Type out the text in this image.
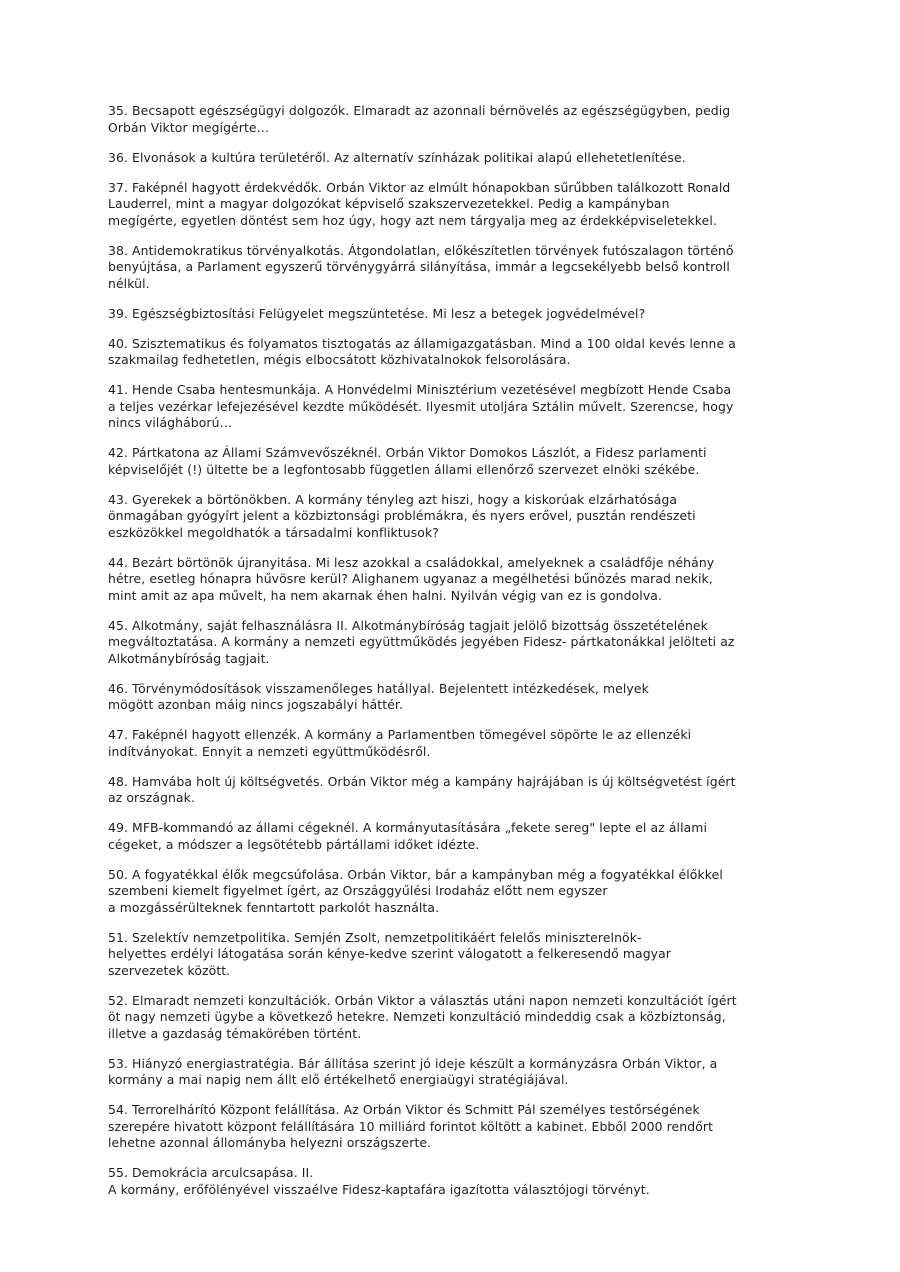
35. Becsapott egészségügyi dolgozók. Elmaradt az azonnali bérnövelés az egészségügyben, pedig
Orbán Viktor megígérte…

36. Elvonások a kultúra területéről. Az alternatív színházak politikai alapú ellehetetlenítése.

37. Faképnél hagyott érdekvédők. Orbán Viktor az elmúlt hónapokban sűrűbben találkozott Ronald
Lauderrel, mint a magyar dolgozókat képviselő szakszervezetekkel. Pedig a kampányban
megígérte, egyetlen döntést sem hoz úgy, hogy azt nem tárgyalja meg az érdekképviseletekkel.

38. Antidemokratikus törvényalkotás. Átgondolatlan, előkészítetlen törvények futószalagon történő
benyújtása, a Parlament egyszerű törvénygyárrá silányítása, immár a legcsekélyebb belső kontroll
nélkül.

39. Egészségbiztosítási Felügyelet megszüntetése. Mi lesz a betegek jogvédelmével?

40. Szisztematikus és folyamatos tisztogatás az államigazgatásban. Mind a 100 oldal kevés lenne a
szakmailag fedhetetlen, mégis elbocsátott közhivatalnokok felsorolására.

41. Hende Csaba hentesmunkája. A Honvédelmi Minisztérium vezetésével megbízott Hende Csaba
a teljes vezérkar lefejezésével kezdte működését. Ilyesmit utoljára Sztálin művelt. Szerencse, hogy
nincs világháború…

42. Pártkatona az Állami Számvevőszéknél. Orbán Viktor Domokos Lászlót, a Fidesz parlamenti
képviselőjét (!) ültette be a legfontosabb független állami ellenőrző szervezet elnöki székébe.

43. Gyerekek a börtönökben. A kormány tényleg azt hiszi, hogy a kiskorúak elzárhatósága
önmagában gyógyírt jelent a közbiztonsági problémákra, és nyers erővel, pusztán rendészeti
eszközökkel megoldhatók a társadalmi konfliktusok?

44. Bezárt börtönök újranyitása. Mi lesz azokkal a családokkal, amelyeknek a családfője néhány
hétre, esetleg hónapra hűvösre kerül? Alighanem ugyanaz a megélhetési bűnözés marad nekik,
mint amit az apa művelt, ha nem akarnak éhen halni. Nyilván végig van ez is gondolva.

45. Alkotmány, saját felhasználásra II. Alkotmánybíróság tagjait jelölő bizottság összetételének
megváltoztatása. A kormány a nemzeti együttműködés jegyében Fidesz- pártkatonákkal jelölteti az
Alkotmánybíróság tagjait.

46. Törvénymódosítások visszamenőleges hatállyal. Bejelentett intézkedések, melyek
mögött azonban máig nincs jogszabályi háttér.

47. Faképnél hagyott ellenzék. A kormány a Parlamentben tömegével söpörte le az ellenzéki
indítványokat. Ennyit a nemzeti együttműködésről.

48. Hamvába holt új költségvetés. Orbán Viktor még a kampány hajrájában is új költségvetést ígért
az országnak.

49. MFB-kommandó az állami cégeknél. A kormányutasítására „fekete sereg" lepte el az állami
cégeket, a módszer a legsötétebb pártállami időket idézte.

50. A fogyatékkal élők megcsúfolása. Orbán Viktor, bár a kampányban még a fogyatékkal élőkkel
szembeni kiemelt figyelmet ígért, az Országgyűlési Irodaház előtt nem egyszer
a mozgássérülteknek fenntartott parkolót használta.

51. Szelektív nemzetpolitika. Semjén Zsolt, nemzetpolitikáért felelős miniszterelnök-
helyettes erdélyi látogatása során kénye-kedve szerint válogatott a felkeresendő magyar
szervezetek között.

52. Elmaradt nemzeti konzultációk. Orbán Viktor a választás utáni napon nemzeti konzultációt ígért
öt nagy nemzeti ügybe a következő hetekre. Nemzeti konzultáció mindeddig csak a közbiztonság,
illetve a gazdaság témakörében történt.

53. Hiányzó energiastratégia. Bár állítása szerint jó ideje készült a kormányzásra Orbán Viktor, a
kormány a mai napig nem állt elő értékelhető energiaügyi stratégiájával.

54. Terrorelhárító Központ felállítása. Az Orbán Viktor és Schmitt Pál személyes testőrségének
szerepére hivatott központ felállítására 10 milliárd forintot költött a kabinet. Ebből 2000 rendőrt
lehetne azonnal állományba helyezni országszerte.

55. Demokrácia arculcsapása. II.
A kormány, erőfölényével visszaélve Fidesz-kaptafára igazította választójogi törvényt.
